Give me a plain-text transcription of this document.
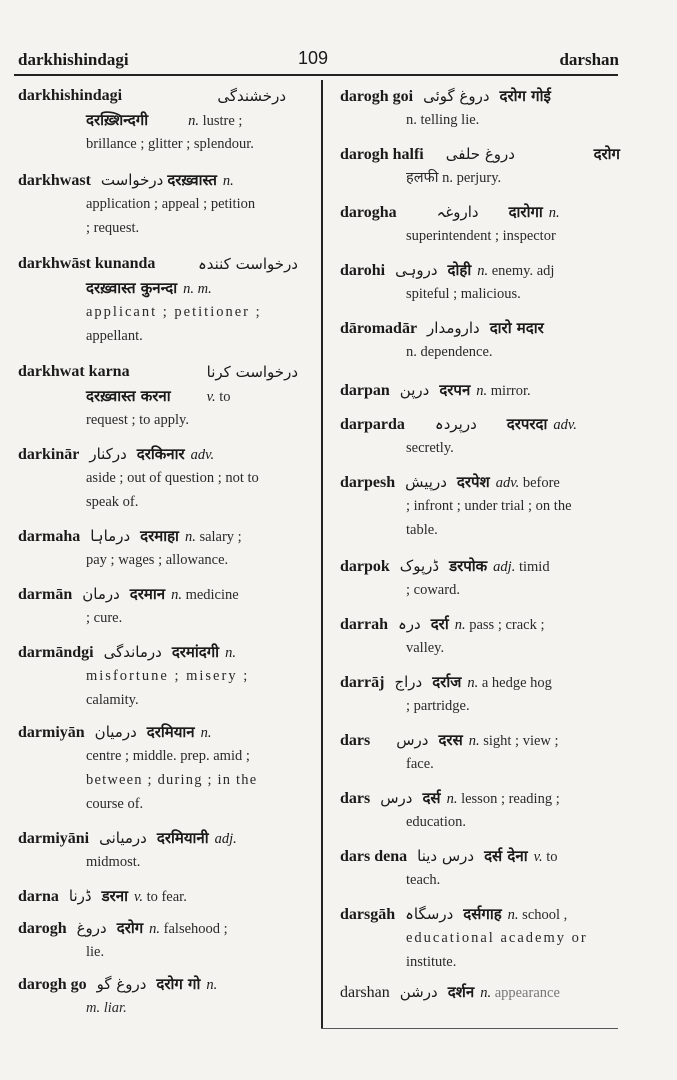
darkhishindagi	109	darshan
darkhishindagi	درخشندگی
दरख़्शिन्दगी	n. lustre ;
brillance ; glitter ; splendour.
darkhwast درخواست दरख़्वास्त n.
application ; appeal ; petition
; request.
darkhwāst kunanda	درخواست کنندہ
दरख़्वास्त कुनन्दा n. m.
applicant ; petitioner ;
appellant.
darkhwat karna	درخواست کرنا
दरख़्वास्त करना v. to
request ; to apply.
darkinār درکنار दरकिनार adv.
aside ; out of question ; not to
speak of.
darmaha درماہا दरमाहा n. salary ;
pay ; wages ; allowance.
darmān درمان दरमान n. medicine
; cure.
darmāndgi درماندگی दरमांदगी n.
misfortune ; misery ;
calamity.
darmiyān درمیان दरमियान n.
centre ; middle. prep. amid ;
between ; during ; in the
course of.
darmiyāni درمیانی दरमियानी adj.
midmost.
darna ڈرنا डरना v. to fear.
darogh دروغ दरोग n. falsehood ;
lie.
darogh go دروغ گو दरोग गो n.
m. liar.
darogh goi دروغ گوئی दरोग गोई
n. telling lie.
darogh halfi دروغ حلفی	दरोग
हलफी n. perjury.
darogha	داروغہ दारोगा n.
superintendent ; inspector
darohi دروہی दोही n. enemy. adj
spiteful ; malicious.
dāromadār دارومدار दारो मदार
n. dependence.
darpan درپن दरपन n. mirror.
darparda درپردہ दरपरदा adv.
secretly.
darpesh درپیش दरपेश adv. before
; infront ; under trial ; on the
table.
darpok ڈرپوک डरपोक adj. timid
; coward.
darrah درہ दर्रा n. pass ; crack ;
valley.
darrāj دراج दर्राज n. a hedge hog
; partridge.
dars درس दरस n. sight ; view ;
face.
dars درس दर्स n. lesson ; reading ;
education.
dars dena درس دینا दर्स देना v. to
teach.
darsgāh درسگاہ दर्सगाह n. school ,
educational academy or
institute.
darshan درشن दर्शन n. appearance
